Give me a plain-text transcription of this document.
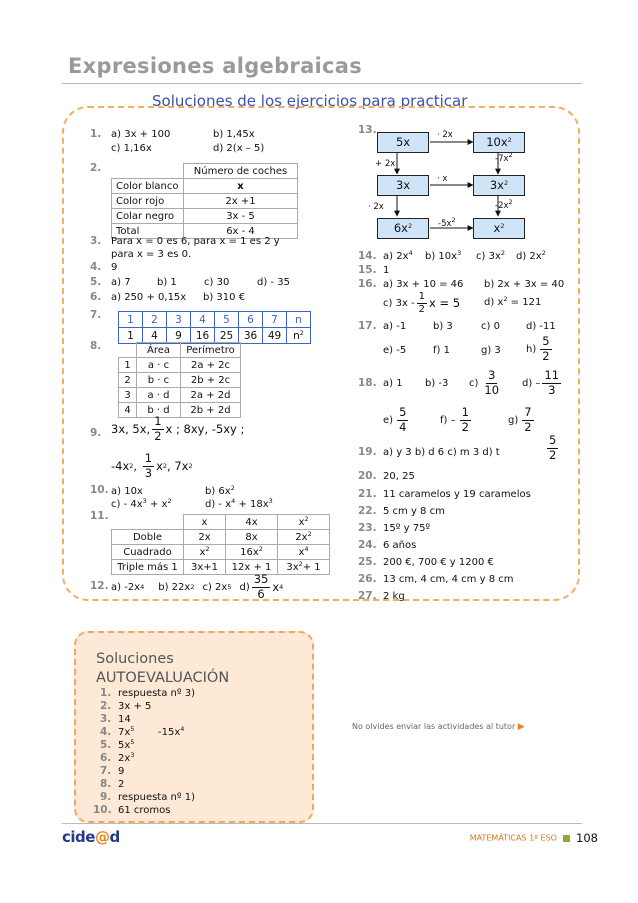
Expresiones algebraicas
Soluciones de los ejercicios para practicar
1. a) 3x + 100	b) 1,45x
c) 1,16x	d) 2(x – 5)
2.
		Número de coches
Color blanco	x
Color rojo	2x +1
Colar negro	3x - 5
Total	6x - 4
3. Para x = 0 es 6, para x = 1 es 2 y
para x = 3 es 0.
4. 9
5. a) 7	b) 1	c) 30	d) - 35
6. a) 250 + 0,15x b) 310 €
7. 1	2	3	4	5	6	7	n
1	4	9	16	25	36	49	$n^2$
8.
		Área	Perímetro
1	a · c	2a + 2c
2	b · c	2b + 2c
3	a · d	2a + 2d
4	b · d	2b + 2d
9. 3x, 5x, $\frac{1}{2}$ x ; 8xy, -5xy ;
-4x 2 , $\frac{1}{3}$ x 2 , 7x 2
10. a) 10x	b) $6x^2$
$c) - 4x^3 + x^2$	$d) - x^4 + 18x^3$
11.
		x	4x	$x^2$
Doble	2x	8x	$2x^2$
Cuadrado	$x^2$	$16x^2$	$x^4$
Triple más 1	3x+1	12x + 1	$3x^2+ 1$
12. a) -2x 4 b) 22x 2 c) 2x 5 $d) \frac{35}{6}$ x 4
13.
5x	$10x^2$
3x	$3x^2$
$6x^2$	$x^2$
· 2x
+ 2x
· x
· 2x
$-5x^2$
$-7x^2$
$-2x^2$
14. a) $2x^4$ b) $10x^3$ c) $3x^2$ d) $2x^2$
15. 1
16. a) 3x + 10 = 46 b) 2x + 3x = 40
c) $3x - \frac{1}{2}$ x = 5 d) $x^2 = 121$
17. a) -1	b) 3	c) 0	d) -11
e) -5	f) 1	g) 3	$h) \frac{5}{2}$
18. a) 1 b) -3 $c) \frac{3}{10} d) - \frac{11}{3}$
$e) \frac{5}{4}$	$f) - \frac{1}{2}$	$g) \frac{7}{2}$
19. a) y 3 b) d 6 c) m 3 d) t	$\frac{5}{2}$
20. 20, 25
21. 11 caramelos y 19 caramelos
22. 5 cm y 8 cm
23. 15º y 75º
24. 6 años
25. 200 €, 700 € y 1200 €
26. 13 cm, 4 cm, 4 cm y 8 cm
27. 2 kg
Soluciones
AUTOEVALUACIÓN
1. respuesta nº 3)
2. 3x + 5
3. 14
4. $7x^5$ $-15x^4$
5. $5x^5$
6. $2x^3$
7. 9
8. 2
9. respuesta nº 1)
10. 61 cromos
No olvides enviar las actividades al tutor ▶
cide@d	MATEMÁTICAS 1º ESO 108
